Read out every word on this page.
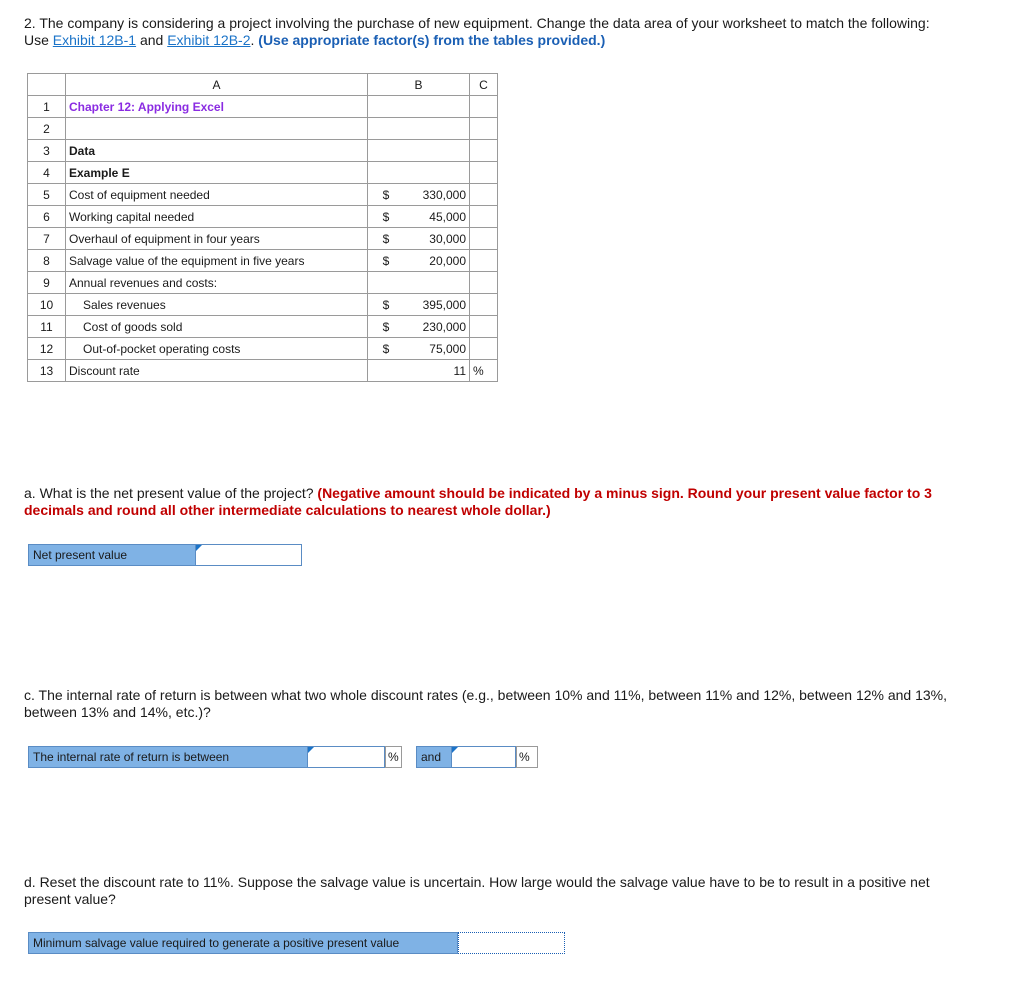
2. The company is considering a project involving the purchase of new equipment. Change the data area of your worksheet to match the following: Use Exhibit 12B-1 and Exhibit 12B-2. (Use appropriate factor(s) from the tables provided.)
	A	B		C
1	Chapter 12: Applying Excel			
2				
3	Data			
4	Example E			
5	Cost of equipment needed	$	330,000	
6	Working capital needed	$	45,000	
7	Overhaul of equipment in four years	$	30,000	
8	Salvage value of the equipment in five years	$	20,000	
9	Annual revenues and costs:			
10	Sales revenues	$	395,000	
11	Cost of goods sold	$	230,000	
12	Out-of-pocket operating costs	$	75,000	
13	Discount rate		11	%
a. What is the net present value of the project? (Negative amount should be indicated by a minus sign. Round your present value factor to 3 decimals and round all other intermediate calculations to nearest whole dollar.)
Net present value
c. The internal rate of return is between what two whole discount rates (e.g., between 10% and 11%, between 11% and 12%, between 12% and 13%, between 13% and 14%, etc.)?
The internal rate of return is between	%	and	%
d. Reset the discount rate to 11%. Suppose the salvage value is uncertain. How large would the salvage value have to be to result in a positive net present value?
Minimum salvage value required to generate a positive present value
